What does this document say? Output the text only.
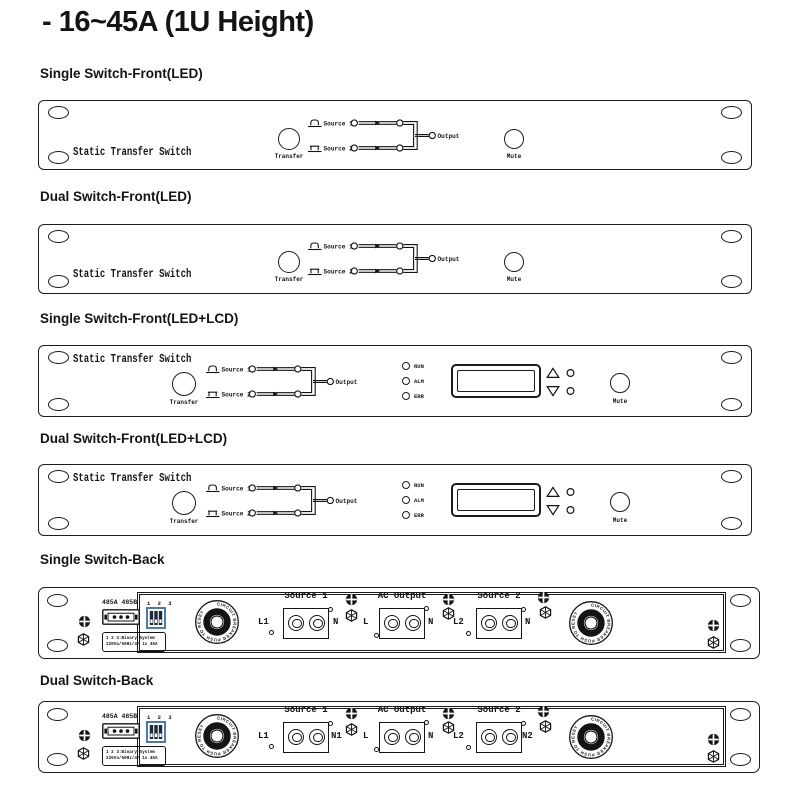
- 16~45A (1U Height)
Single Switch-Front(LED)
Dual Switch-Front(LED)
Single Switch-Front(LED+LCD)
Dual Switch-Front(LED+LCD)
Single Switch-Back
Dual Switch-Back
Static Transfer Switch	Transfer	Mute
Static Transfer Switch	Transfer	Mute
Static Transfer Switch
Transfer
RUN
ALM
ERR
Mute
Static Transfer Switch
Transfer
RUN
ALM
ERR
Mute
485A 485B 1 2 3
1 2 3:Binary System
220Va/50Hz/4F 1x 45A
L1
Source 1
N	L
AC Output
N L2
Source 2
N
485A 485B 1 2 3
1 2 3:Binary System
220Va/50Hz/4F 1x 45A
L1
Source 1
N1 L
AC Output
N L2
Source 2
N2
